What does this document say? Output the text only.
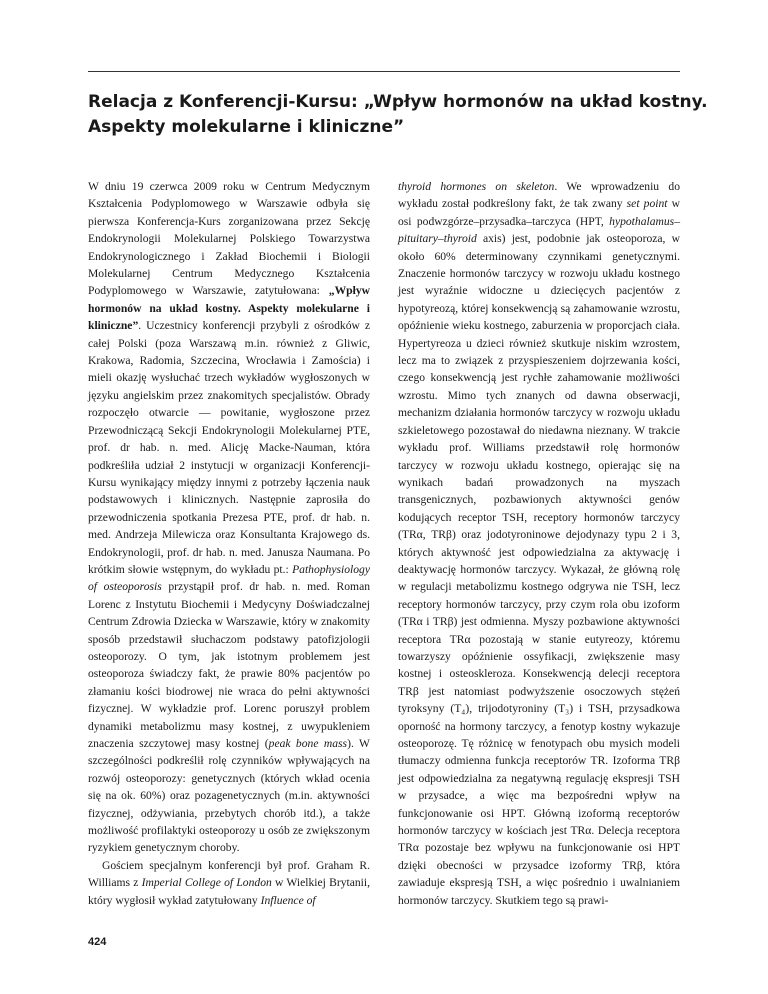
Relacja z Konferencji-Kursu: „Wpływ hormonów na układ kostny.
Aspekty molekularne i kliniczne”

W dniu 19 czerwca 2009 roku w Centrum Medycznym Kształcenia Podyplomowego w Warszawie odbyła się pierwsza Konferencja-Kurs zorganizowana przez Sekcję Endokrynologii Molekularnej Polskiego Towarzystwa Endokrynologicznego i Zakład Biochemii i Biologii Molekularnej Centrum Medycznego Kształcenia Podyplomowego w Warszawie, zatytułowana: „Wpływ hormonów na układ kostny. Aspekty molekularne i kliniczne”. Uczestnicy konferencji przybyli z ośrodków z całej Polski (poza Warszawą m.in. również z Gliwic, Krakowa, Radomia, Szczecina, Wrocławia i Zamościa) i mieli okazję wysłuchać trzech wykładów wygłoszonych w języku angielskim przez znakomitych specjalistów. Obrady rozpoczęło otwarcie — powitanie, wygłoszone przez Przewodniczącą Sekcji Endokrynologii Molekularnej PTE, prof. dr hab. n. med. Alicję Macke-Nauman, która podkreśliła udział 2 instytucji w organizacji Konferencji-Kursu wynikający między innymi z potrzeby łączenia nauk podstawowych i klinicznych. Następnie zaprosiła do przewodniczenia spotkania Prezesa PTE, prof. dr hab. n. med. Andrzeja Milewicza oraz Konsultanta Krajowego ds. Endokrynologii, prof. dr hab. n. med. Janusza Naumana. Po krótkim słowie wstępnym, do wykładu pt.: Pathophysiology of osteoporosis przystąpił prof. dr hab. n. med. Roman Lorenc z Instytutu Biochemii i Medycyny Doświadczalnej Centrum Zdrowia Dziecka w Warszawie, który w znakomity sposób przedstawił słuchaczom podstawy patofizjologii osteoporozy. O tym, jak istotnym problemem jest osteoporoza świadczy fakt, że prawie 80% pacjentów po złamaniu kości biodrowej nie wraca do pełni aktywności fizycznej. W wykładzie prof. Lorenc poruszył problem dynamiki metabolizmu masy kostnej, z uwypukleniem znaczenia szczytowej masy kostnej (peak bone mass). W szczególności podkreślił rolę czynników wpływających na rozwój osteoporozy: genetycznych (których wkład ocenia się na ok. 60%) oraz pozagenetycznych (m.in. aktywności fizycznej, odżywiania, przebytych chorób itd.), a także możliwość profilaktyki osteoporozy u osób ze zwiększonym ryzykiem genetycznym choroby.

Gościem specjalnym konferencji był prof. Graham R. Williams z Imperial College of London w Wielkiej Brytanii, który wygłosił wykład zatytułowany Influence of

thyroid hormones on skeleton. We wprowadzeniu do wykładu został podkreślony fakt, że tak zwany set point w osi podwzgórze–przysadka–tarczyca (HPT, hypothalamus–pituitary–thyroid axis) jest, podobnie jak osteoporoza, w około 60% determinowany czynnikami genetycznymi. Znaczenie hormonów tarczycy w rozwoju układu kostnego jest wyraźnie widoczne u dziecięcych pacjentów z hypotyreozą, której konsekwencją są zahamowanie wzrostu, opóźnienie wieku kostnego, zaburzenia w proporcjach ciała. Hypertyreoza u dzieci również skutkuje niskim wzrostem, lecz ma to związek z przyspieszeniem dojrzewania kości, czego konsekwencją jest rychłe zahamowanie możliwości wzrostu. Mimo tych znanych od dawna obserwacji, mechanizm działania hormonów tarczycy w rozwoju układu szkieletowego pozostawał do niedawna nieznany. W trakcie wykładu prof. Williams przedstawił rolę hormonów tarczycy w rozwoju układu kostnego, opierając się na wynikach badań prowadzonych na myszach transgenicznych, pozbawionych aktywności genów kodujących receptor TSH, receptory hormonów tarczycy (TRα, TRβ) oraz jodotyroninowe dejodynazy typu 2 i 3, których aktywność jest odpowiedzialna za aktywację i deaktywację hormonów tarczycy. Wykazał, że główną rolę w regulacji metabolizmu kostnego odgrywa nie TSH, lecz receptory hormonów tarczycy, przy czym rola obu izoform (TRα i TRβ) jest odmienna. Myszy pozbawione aktywności receptora TRα pozostają w stanie eutyreozy, któremu towarzyszy opóźnienie ossyfikacji, zwiększenie masy kostnej i osteoskleroza. Konsekwencją delecji receptora TRβ jest natomiast podwyższenie osoczowych stężeń tyroksyny (T₄), trijodotyroniny (T₃) i TSH, przysadkowa oporność na hormony tarczycy, a fenotyp kostny wykazuje osteoporozę. Tę różnicę w fenotypach obu mysich modeli tłumaczy odmienna funkcja receptorów TR. Izoforma TRβ jest odpowiedzialna za negatywną regulację ekspresji TSH w przysadce, a więc ma bezpośredni wpływ na funkcjonowanie osi HPT. Główną izoformą receptorów hormonów tarczycy w kościach jest TRα. Delecja receptora TRα pozostaje bez wpływu na funkcjonowanie osi HPT dzięki obecności w przysadce izoformy TRβ, która zawiaduje ekspresją TSH, a więc pośrednio i uwalnianiem hormonów tarczycy. Skutkiem tego są prawi-

424
